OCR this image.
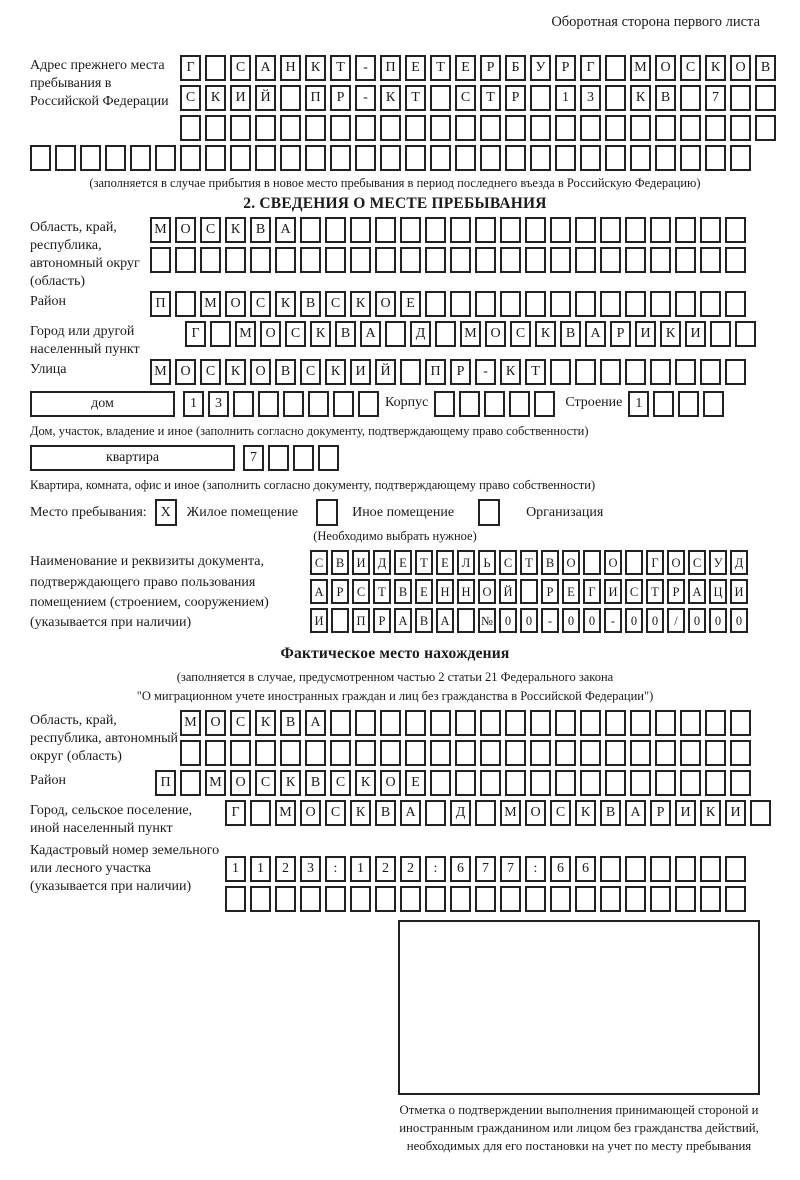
Оборотная сторона первого листа
Адрес прежнего места пребывания в Российской Федерации
Г	С	А	Н	К	Т	-	П	Е	Т	Е	Р	Б	У	Р	Г	М О	С	К	О	В
С	К	И	Й	П	Р	-	К	Т	С	Т	Р	1	3	К	В	7
(заполняется в случае прибытия в новое место пребывания в период последнего въезда в Российскую Федерацию)
2. СВЕДЕНИЯ О МЕСТЕ ПРЕБЫВАНИЯ
Область, край, республика, автономный округ (область)
М О	С	К	В	А
Район	П	М О	С	К	В	С	К	О	Е
Город или другой населенный пункт
Г	М О	С	К	В	А	Д	М О	С	К	В	А	Р	И	К	И
Улица	М О	С	К	О	В	С	К	И	Й	П	Р	-	К	Т
дом	1	3	Корпус	Строение 1
Дом, участок, владение и иное (заполнить согласно документу, подтверждающему право собственности)
квартира	7
Квартира, комната, офис и иное (заполнить согласно документу, подтверждающему право собственности)
Место пребывания: X Жилое помещение	Иное помещение	Организация
(Необходимо выбрать нужное)
Наименование и реквизиты документа, подтверждающего право пользования помещением (строением, сооружением) (указывается при наличии)
С	В И Д	Е	Т	Е	Л	Ь	С	Т	В О	О	Г	О С У Д
А	Р	С	Т	В	Е	Н Н О Й	Р	Е	Г	И С	Т	Р	А Ц И
И	П	Р	А В А	№ 0	0	-	0	0	-	0	0	/	0	0	0
Фактическое место нахождения
(заполняется в случае, предусмотренном частью 2 статьи 21 Федерального закона
"О миграционном учете иностранных граждан и лиц без гражданства в Российской Федерации")
Область, край, республика, автономный округ (область)
М О	С	К	В	А
Район	П	М О	С	К	В	С	К	О	Е
Город, сельское поселение, иной населенный пункт
Г	М О	С	К	В	А	Д	М О	С	К	В	А	Р	И	К	И
Кадастровый номер земельного или лесного участка (указывается при наличии)
1	1	2	3	:	1	2	2	:	6	7	7	:	6	6
Отметка о подтверждении выполнения принимающей стороной и иностранным гражданином или лицом без гражданства действий, необходимых для его постановки на учет по месту пребывания
